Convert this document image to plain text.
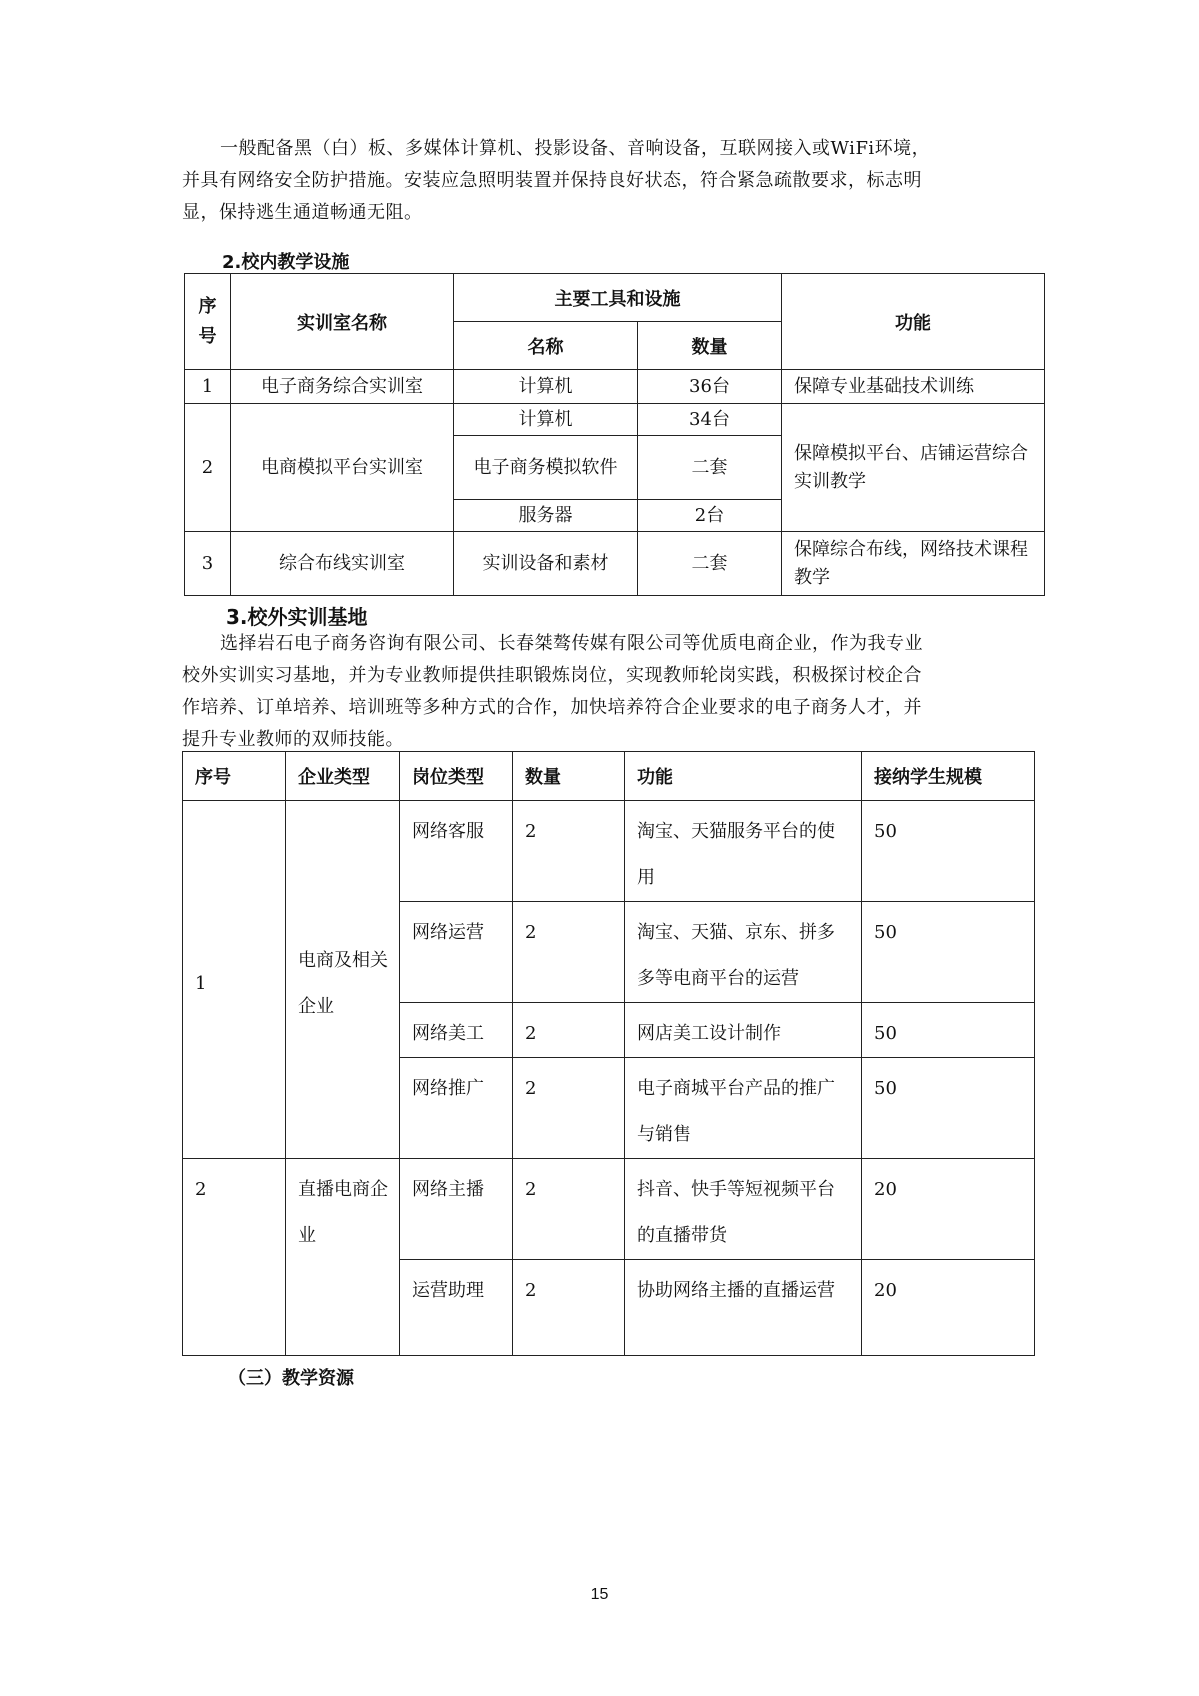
一般配备黑（白）板、多媒体计算机、投影设备、音响设备，互联网接入或WiFi环境，
并具有网络安全防护措施。安装应急照明装置并保持良好状态，符合紧急疏散要求，标志明
显，保持逃生通道畅通无阻。
2.校内教学设施
序号	实训室名称	主要工具和设施		功能
		名称	数量	
1	电子商务综合实训室	计算机	36台	保障专业基础技术训练
2	电商模拟平台实训室	计算机	34台	保障模拟平台、店铺运营综合实训教学
		电子商务模拟软件	二套	
		服务器	2台	
3	综合布线实训室	实训设备和素材	二套	保障综合布线，网络技术课程教学
3.校外实训基地
选择岩石电子商务咨询有限公司、长春桀骜传媒有限公司等优质电商企业，作为我专业
校外实训实习基地，并为专业教师提供挂职锻炼岗位，实现教师轮岗实践，积极探讨校企合
作培养、订单培养、培训班等多种方式的合作，加快培养符合企业要求的电子商务人才，并
提升专业教师的双师技能。
序号	企业类型	岗位类型	数量	功能	接纳学生规模
1	电商及相关企业	网络客服	2	淘宝、天猫服务平台的使用	50
		网络运营	2	淘宝、天猫、京东、拼多多等电商平台的运营	50
		网络美工	2	网店美工设计制作	50
		网络推广	2	电子商城平台产品的推广与销售	50
2	直播电商企业	网络主播	2	抖音、快手等短视频平台的直播带货	20
		运营助理	2	协助网络主播的直播运营	20
（三）教学资源
15
